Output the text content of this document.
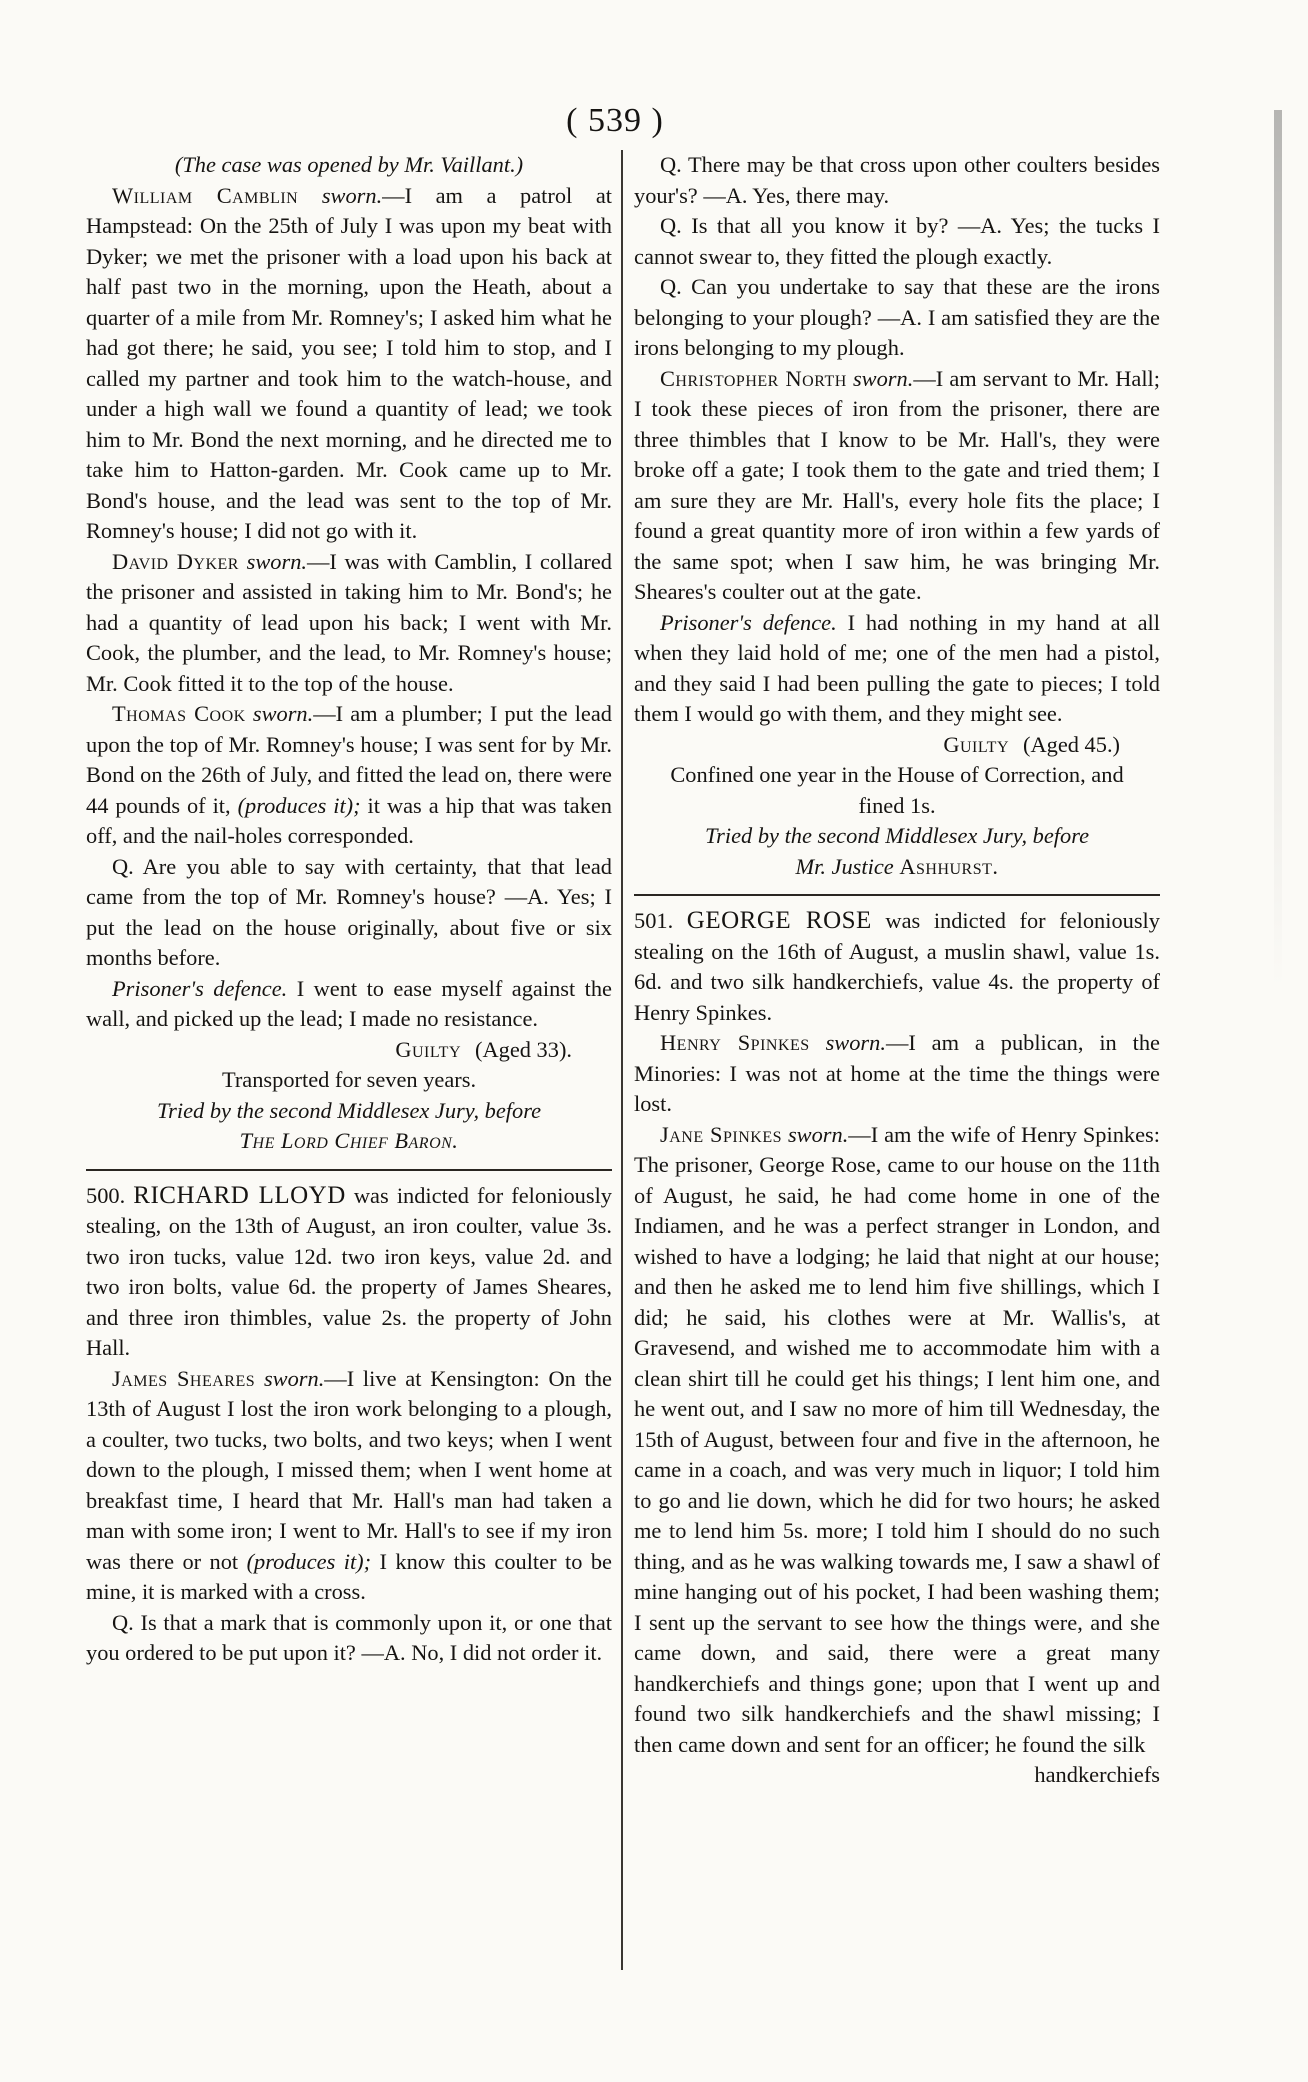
( 539 )

(The case was opened by Mr. Vaillant.)

William Camblin sworn.—I am a patrol at Hampstead: On the 25th of July I was upon my beat with Dyker; we met the prisoner with a load upon his back at half past two in the morning, upon the Heath, about a quarter of a mile from Mr. Romney's; I asked him what he had got there; he said, you see; I told him to stop, and I called my partner and took him to the watch-house, and under a high wall we found a quantity of lead; we took him to Mr. Bond the next morning, and he directed me to take him to Hatton-garden. Mr. Cook came up to Mr. Bond's house, and the lead was sent to the top of Mr. Romney's house; I did not go with it.

David Dyker sworn.—I was with Camblin, I collared the prisoner and assisted in taking him to Mr. Bond's; he had a quantity of lead upon his back; I went with Mr. Cook, the plumber, and the lead, to Mr. Romney's house; Mr. Cook fitted it to the top of the house.

Thomas Cook sworn.—I am a plumber; I put the lead upon the top of Mr. Romney's house; I was sent for by Mr. Bond on the 26th of July, and fitted the lead on, there were 44 pounds of it, (produces it); it was a hip that was taken off, and the nail-holes corresponded.

Q. Are you able to say with certainty, that that lead came from the top of Mr. Romney's house? —A. Yes; I put the lead on the house originally, about five or six months before.

Prisoner's defence. I went to ease myself against the wall, and picked up the lead; I made no resistance.

Guilty (Aged 33).

Transported for seven years.

Tried by the second Middlesex Jury, before

The Lord Chief Baron.

500. RICHARD LLOYD was indicted for feloniously stealing, on the 13th of August, an iron coulter, value 3s. two iron tucks, value 12d. two iron keys, value 2d. and two iron bolts, value 6d. the property of James Sheares, and three iron thimbles, value 2s. the property of John Hall.

James Sheares sworn.—I live at Kensington: On the 13th of August I lost the iron work belonging to a plough, a coulter, two tucks, two bolts, and two keys; when I went down to the plough, I missed them; when I went home at breakfast time, I heard that Mr. Hall's man had taken a man with some iron; I went to Mr. Hall's to see if my iron was there or not (produces it); I know this coulter to be mine, it is marked with a cross.

Q. Is that a mark that is commonly upon it, or one that you ordered to be put upon it? —A. No, I did not order it.

Q. There may be that cross upon other coulters besides your's? —A. Yes, there may.

Q. Is that all you know it by? —A. Yes; the tucks I cannot swear to, they fitted the plough exactly.

Q. Can you undertake to say that these are the irons belonging to your plough? —A. I am satisfied they are the irons belonging to my plough.

Christopher North sworn.—I am servant to Mr. Hall; I took these pieces of iron from the prisoner, there are three thimbles that I know to be Mr. Hall's, they were broke off a gate; I took them to the gate and tried them; I am sure they are Mr. Hall's, every hole fits the place; I found a great quantity more of iron within a few yards of the same spot; when I saw him, he was bringing Mr. Sheares's coulter out at the gate.

Prisoner's defence. I had nothing in my hand at all when they laid hold of me; one of the men had a pistol, and they said I had been pulling the gate to pieces; I told them I would go with them, and they might see.

Guilty (Aged 45.)

Confined one year in the House of Correction, and

fined 1s.

Tried by the second Middlesex Jury, before

Mr. Justice Ashhurst.

501. GEORGE ROSE was indicted for feloniously stealing on the 16th of August, a muslin shawl, value 1s. 6d. and two silk handkerchiefs, value 4s. the property of Henry Spinkes.

Henry Spinkes sworn.—I am a publican, in the Minories: I was not at home at the time the things were lost.

Jane Spinkes sworn.—I am the wife of Henry Spinkes: The prisoner, George Rose, came to our house on the 11th of August, he said, he had come home in one of the Indiamen, and he was a perfect stranger in London, and wished to have a lodging; he laid that night at our house; and then he asked me to lend him five shillings, which I did; he said, his clothes were at Mr. Wallis's, at Gravesend, and wished me to accommodate him with a clean shirt till he could get his things; I lent him one, and he went out, and I saw no more of him till Wednesday, the 15th of August, between four and five in the afternoon, he came in a coach, and was very much in liquor; I told him to go and lie down, which he did for two hours; he asked me to lend him 5s. more; I told him I should do no such thing, and as he was walking towards me, I saw a shawl of mine hanging out of his pocket, I had been washing them; I sent up the servant to see how the things were, and she came down, and said, there were a great many handkerchiefs and things gone; upon that I went up and found two silk handkerchiefs and the shawl missing; I then came down and sent for an officer; he found the silk

handkerchiefs
